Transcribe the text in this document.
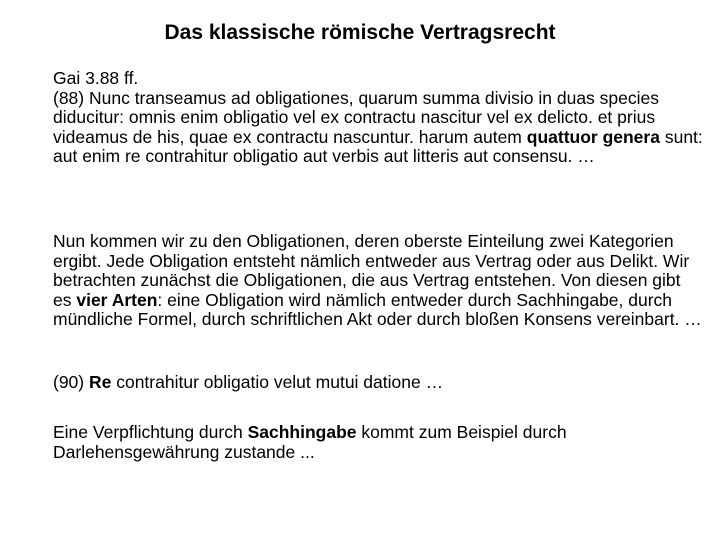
Das klassische römische Vertragsrecht

Gai 3.88 ff.

(88) Nunc transeamus ad obligationes, quarum summa divisio in duas species diducitur: omnis enim obligatio vel ex contractu nascitur vel ex delicto. et prius videamus de his, quae ex contractu nascuntur. harum autem quattuor genera sunt: aut enim re contrahitur obligatio aut verbis aut litteris aut consensu. …

Nun kommen wir zu den Obligationen, deren oberste Einteilung zwei Kategorien ergibt. Jede Obligation entsteht nämlich entweder aus Vertrag oder aus Delikt. Wir betrachten zunächst die Obligationen, die aus Vertrag entstehen. Von diesen gibt es vier Arten: eine Obligation wird nämlich entweder durch Sachhingabe, durch mündliche Formel, durch schriftlichen Akt oder durch bloßen Konsens vereinbart. …

(90) Re contrahitur obligatio velut mutui datione …

Eine Verpflichtung durch Sachhingabe kommt zum Beispiel durch Darlehensgewährung zustande ...
